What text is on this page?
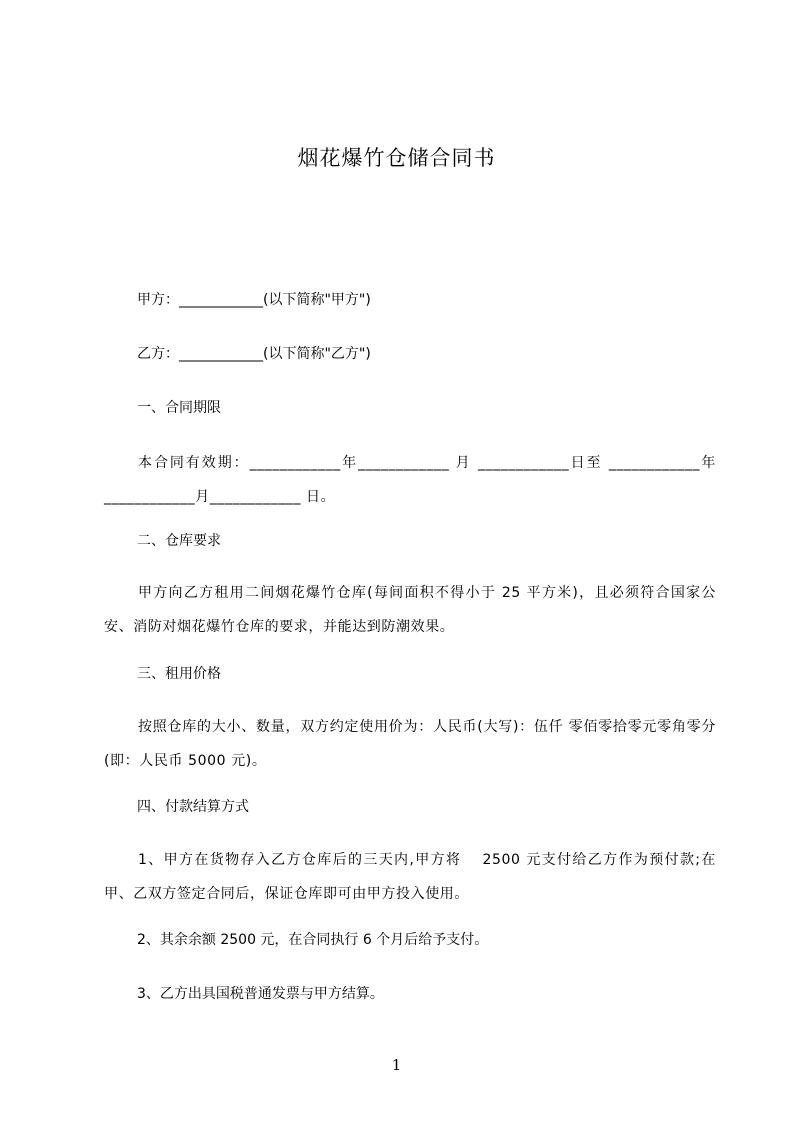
烟花爆竹仓储合同书
甲方：____________(以下简称"甲方")
乙方：____________(以下简称"乙方")
一、合同期限
本合同有效期：____________年____________ 月 ____________日至 ____________年 ____________月____________ 日。
二、仓库要求
甲方向乙方租用二间烟花爆竹仓库(每间面积不得小于 25 平方米)，且必须符合国家公安、消防对烟花爆竹仓库的要求，并能达到防潮效果。
三、租用价格
按照仓库的大小、数量，双方约定使用价为：人民币(大写)：伍仟 零佰零拾零元零角零分(即：人民币 5000 元)。
四、付款结算方式
1、甲方在货物存入乙方仓库后的三天内,甲方将　 2500 元支付给乙方作为预付款;在甲、乙双方签定合同后，保证仓库即可由甲方投入使用。
2、其余余额 2500 元，在合同执行 6 个月后给予支付。
3、乙方出具国税普通发票与甲方结算。
1
